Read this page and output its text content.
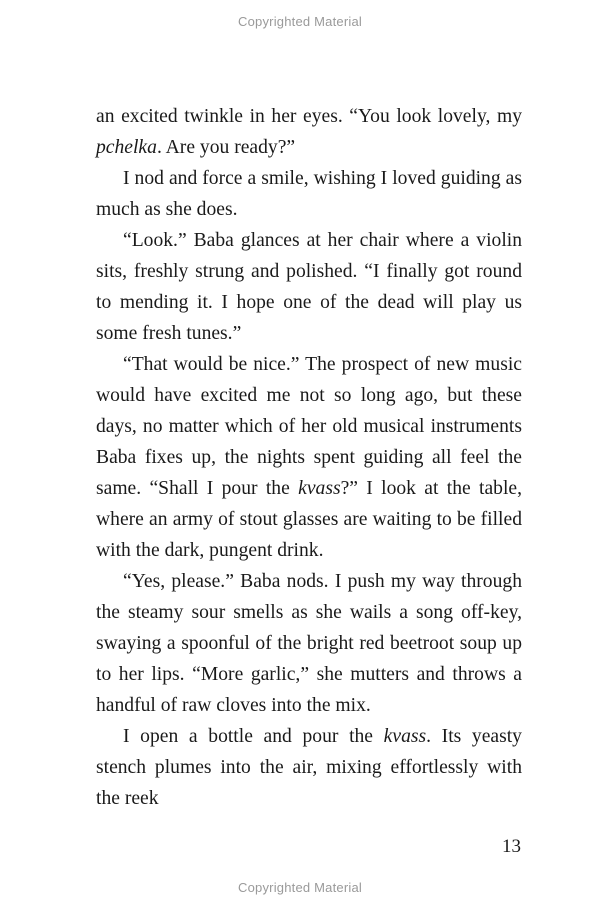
Copyrighted Material

an excited twinkle in her eyes. “You look lovely, my pchelka. Are you ready?”

I nod and force a smile, wishing I loved guiding as much as she does.

“Look.” Baba glances at her chair where a violin sits, freshly strung and polished. “I finally got round to mending it. I hope one of the dead will play us some fresh tunes.”

“That would be nice.” The prospect of new music would have excited me not so long ago, but these days, no matter which of her old musical instruments Baba fixes up, the nights spent guiding all feel the same. “Shall I pour the kvass?” I look at the table, where an army of stout glasses are waiting to be filled with the dark, pungent drink.

“Yes, please.” Baba nods. I push my way through the steamy sour smells as she wails a song off-key, swaying a spoonful of the bright red beetroot soup up to her lips. “More garlic,” she mutters and throws a handful of raw cloves into the mix.

I open a bottle and pour the kvass. Its yeasty stench plumes into the air, mixing effortlessly with the reek

13
Copyrighted Material
